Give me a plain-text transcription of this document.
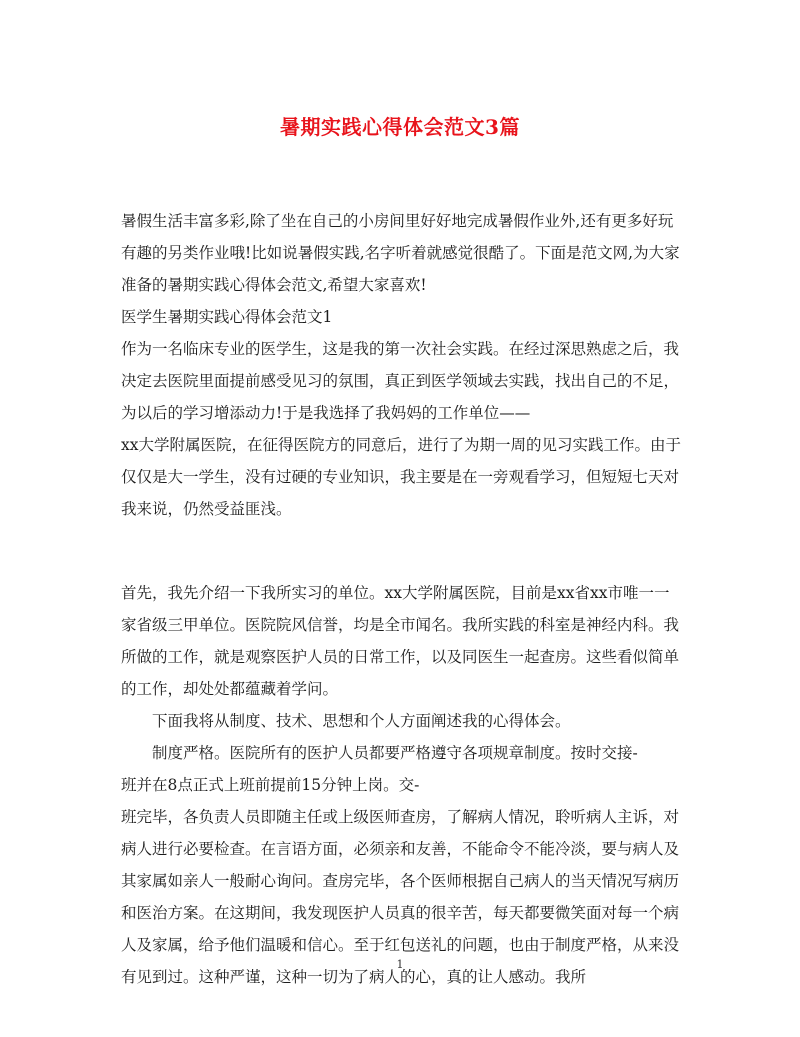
暑期实践心得体会范文3篇

暑假生活丰富多彩,除了坐在自己的小房间里好好地完成暑假作业外,还有更多好玩有趣的另类作业哦!比如说暑假实践,名字听着就感觉很酷了。下面是范文网,为大家准备的暑期实践心得体会范文,希望大家喜欢!

医学生暑期实践心得体会范文1

作为一名临床专业的医学生，这是我的第一次社会实践。在经过深思熟虑之后，我决定去医院里面提前感受见习的氛围，真正到医学领域去实践，找出自己的不足，为以后的学习增添动力!于是我选择了我妈妈的工作单位——

xx大学附属医院，在征得医院方的同意后，进行了为期一周的见习实践工作。由于仅仅是大一学生，没有过硬的专业知识，我主要是在一旁观看学习，但短短七天对我来说，仍然受益匪浅。

首先，我先介绍一下我所实习的单位。xx大学附属医院，目前是xx省xx市唯一一家省级三甲单位。医院院风信誉，均是全市闻名。我所实践的科室是神经内科。我所做的工作，就是观察医护人员的日常工作，以及同医生一起查房。这些看似简单的工作，却处处都蕴藏着学问。

下面我将从制度、技术、思想和个人方面阐述我的心得体会。

制度严格。医院所有的医护人员都要严格遵守各项规章制度。按时交接-

班并在8点正式上班前提前15分钟上岗。交-

班完毕，各负责人员即随主任或上级医师查房，了解病人情况，聆听病人主诉，对病人进行必要检查。在言语方面，必须亲和友善，不能命令不能冷淡，要与病人及其家属如亲人一般耐心询问。查房完毕，各个医师根据自己病人的当天情况写病历和医治方案。在这期间，我发现医护人员真的很辛苦，每天都要微笑面对每一个病人及家属，给予他们温暖和信心。至于红包送礼的问题，也由于制度严格，从来没有见到过。这种严谨，这种一切为了病人的心，真的让人感动。我所

1
